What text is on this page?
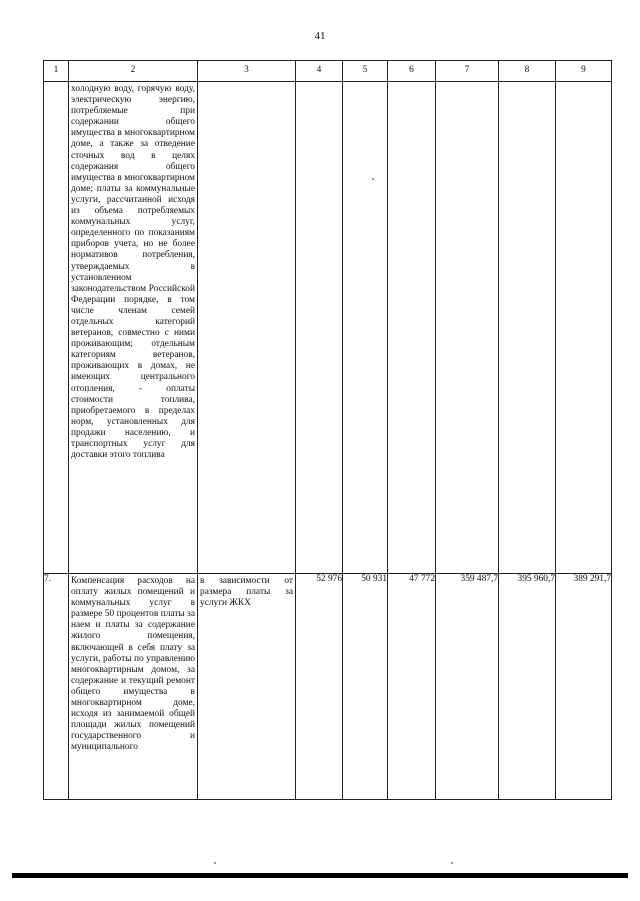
41
1	2	3	4	5	6	7	8	9

	холодную воду, горячую воду, электрическую энергию, потребляемые при содержании общего имущества в многоквартирном доме, а также за отведение сточных вод в целях содержания общего имущества в многоквартирном доме; платы за коммунальные услуги, рассчитанной исходя из объема потребляемых коммунальных услуг, определенного по показаниям приборов учета, но не более нормативов потребления, утверждаемых в установленном законодательством Российской Федерации порядке, в том числе членам семей отдельных категорий ветеранов, совместно с ними проживающим; отдельным категориям ветеранов, проживающих в домах, не имеющих центрального отопления, - оплаты стоимости топлива, приобретаемого в пределах норм, установленных для продажи населению, и транспортных услуг для доставки этого топлива							

7.	Компенсация расходов на оплату жилых помещений и коммунальных услуг в размере 50 процентов платы за наем и платы за содержание жилого помещения, включающей в себя плату за услуги, работы по управлению многоквартирным домом, за содержание и текущий ремонт общего имущества в многоквартирном доме, исходя из занимаемой общей площади жилых помещений государственного и муниципального	в зависимости от размера платы за услуги ЖКХ	52 976	50 931	47 772	359 487,7	395 960,7	389 291,7
